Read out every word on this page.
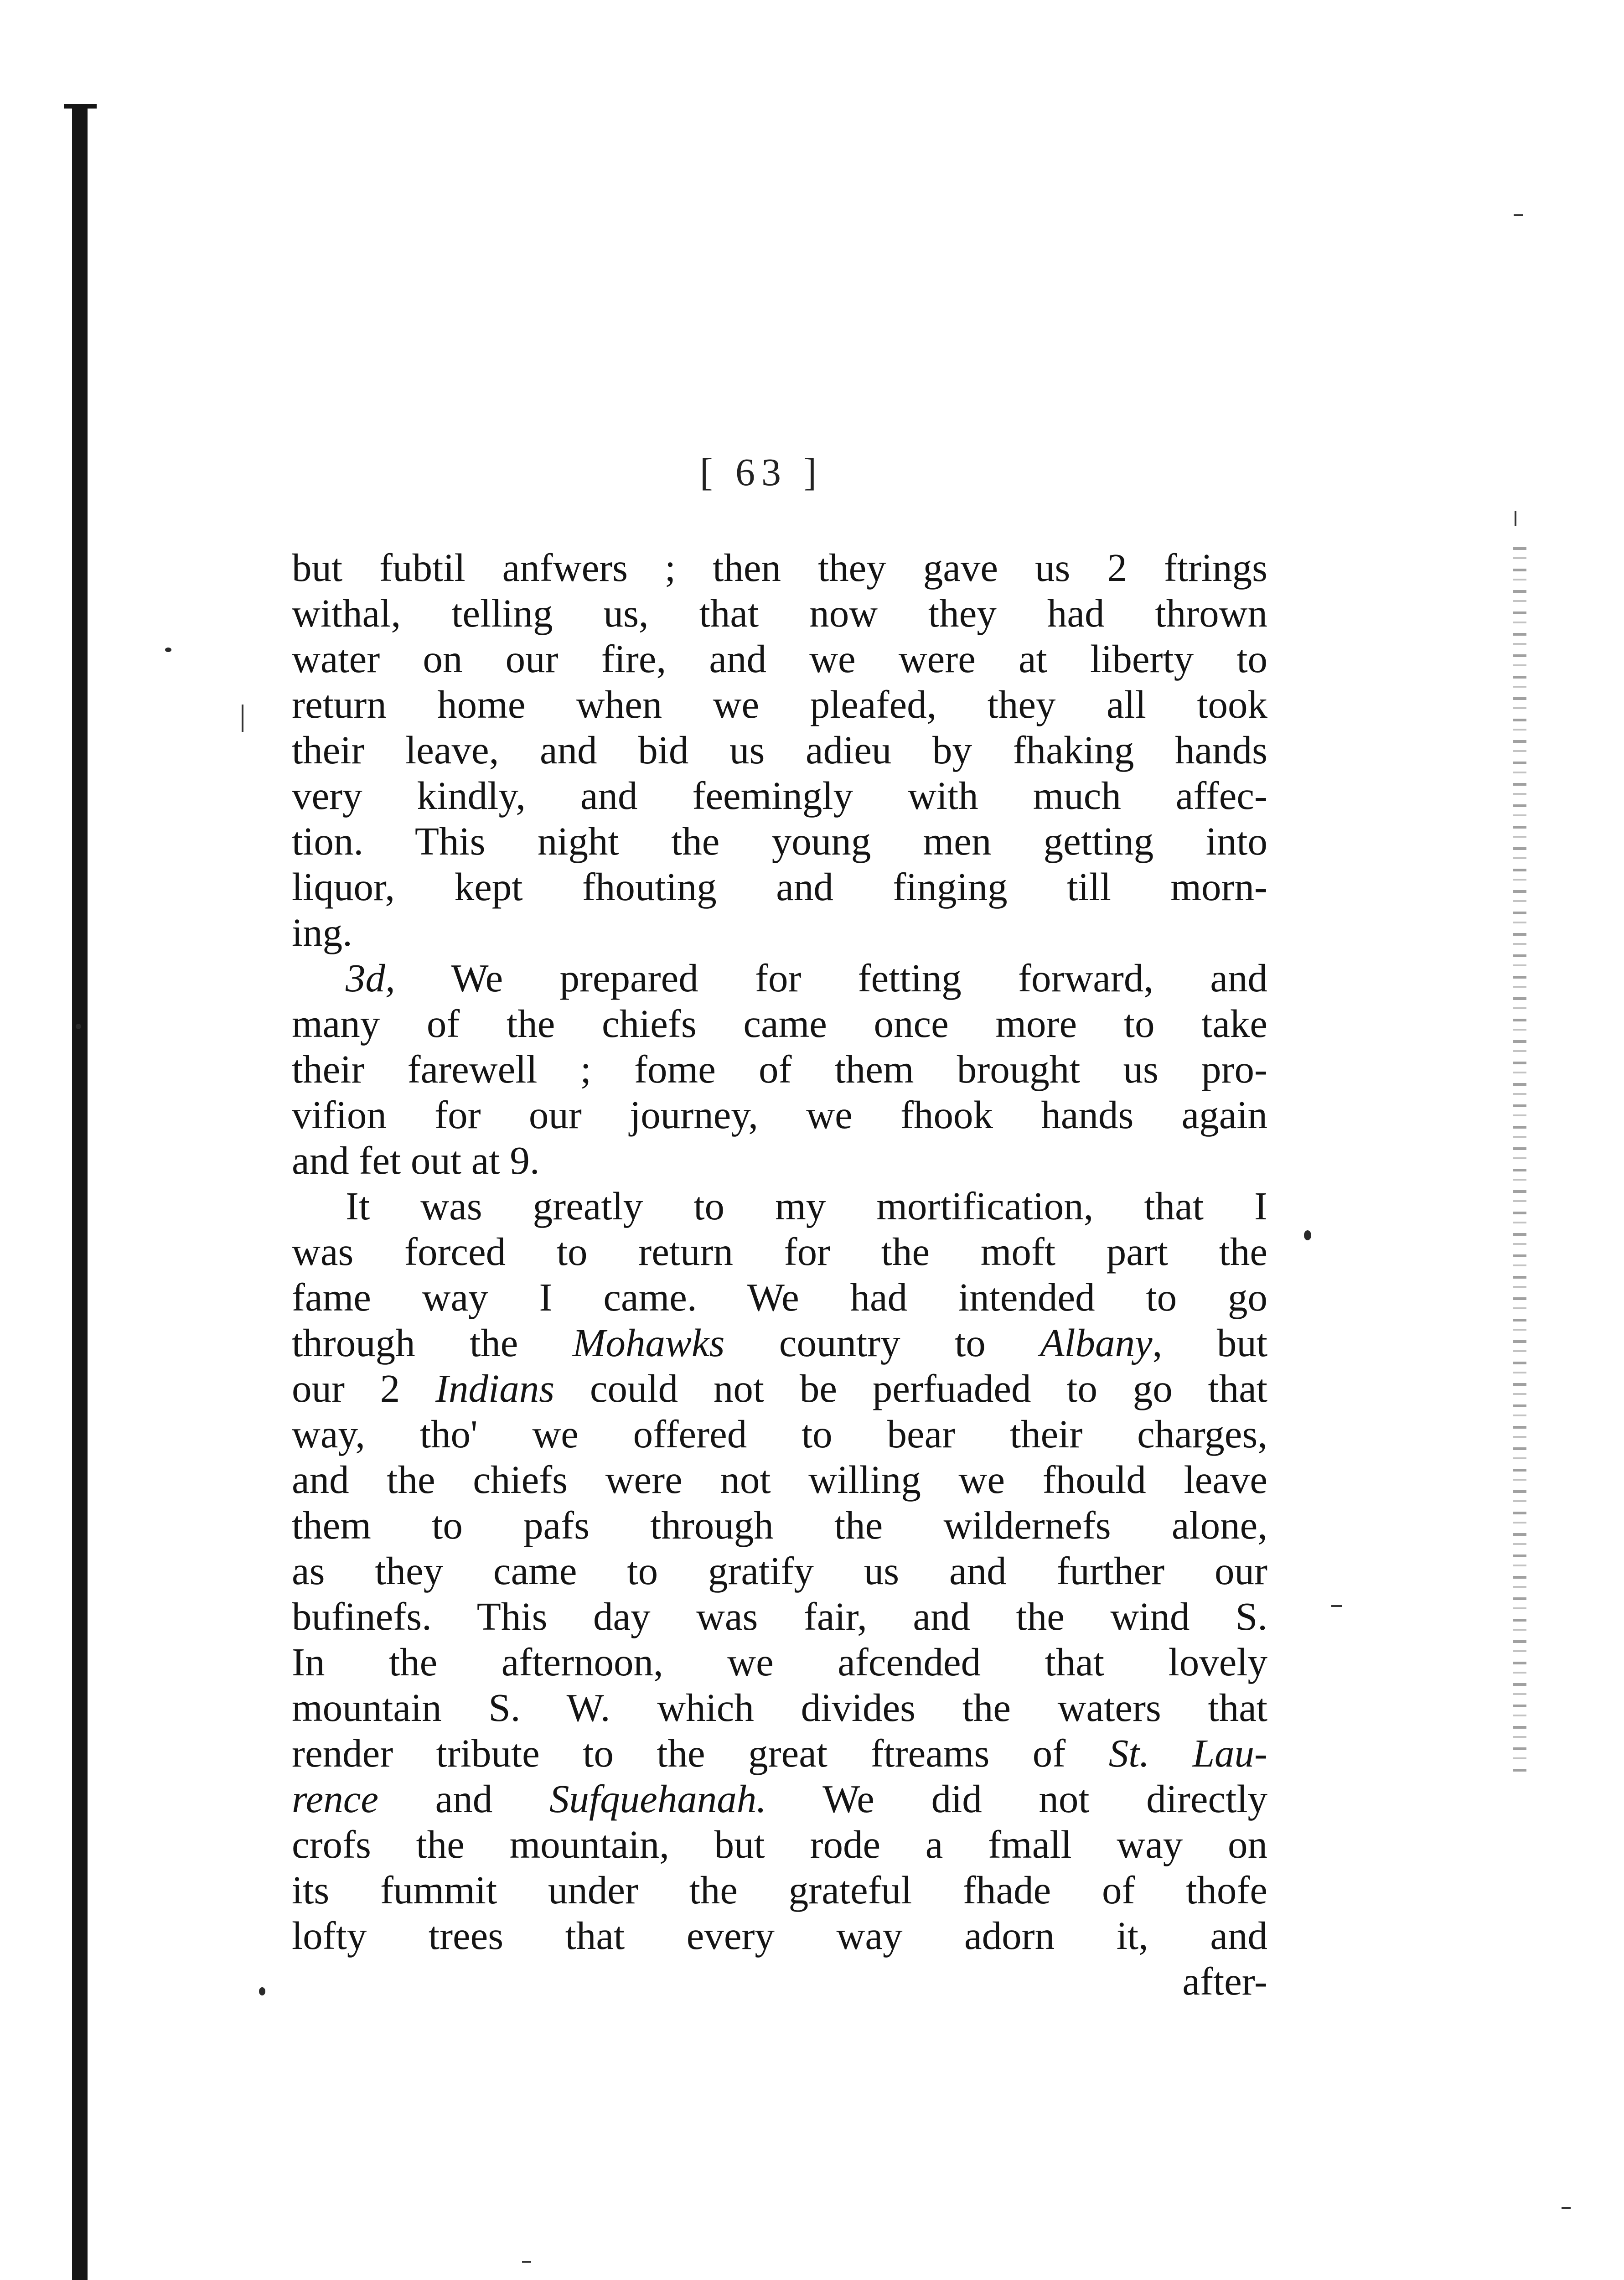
[ 63 ]
but fubtil anfwers ; then they gave us 2 ftrings
withal, telling us, that now they had thrown
water on our fire, and we were at liberty to
return home when we pleafed, they all took
their leave, and bid us adieu by fhaking hands
very kindly, and feemingly with much affec-
tion. This night the young men getting into
liquor, kept fhouting and finging till morn-
ing.
3d, We prepared for fetting forward, and
many of the chiefs came once more to take
their farewell ; fome of them brought us pro-
vifion for our journey, we fhook hands again
and fet out at 9.
It was greatly to my mortification, that I
was forced to return for the moft part the
fame way I came. We had intended to go
through the Mohawks country to Albany, but
our 2 Indians could not be perfuaded to go that
way, tho' we offered to bear their charges,
and the chiefs were not willing we fhould leave
them to pafs through the wildernefs alone,
as they came to gratify us and further our
bufinefs. This day was fair, and the wind S.
In the afternoon, we afcended that lovely
mountain S. W. which divides the waters that
render tribute to the great ftreams of St. Lau-
rence and Sufquehanah. We did not directly
crofs the mountain, but rode a fmall way on
its fummit under the grateful fhade of thofe
lofty trees that every way adorn it, and
after-
